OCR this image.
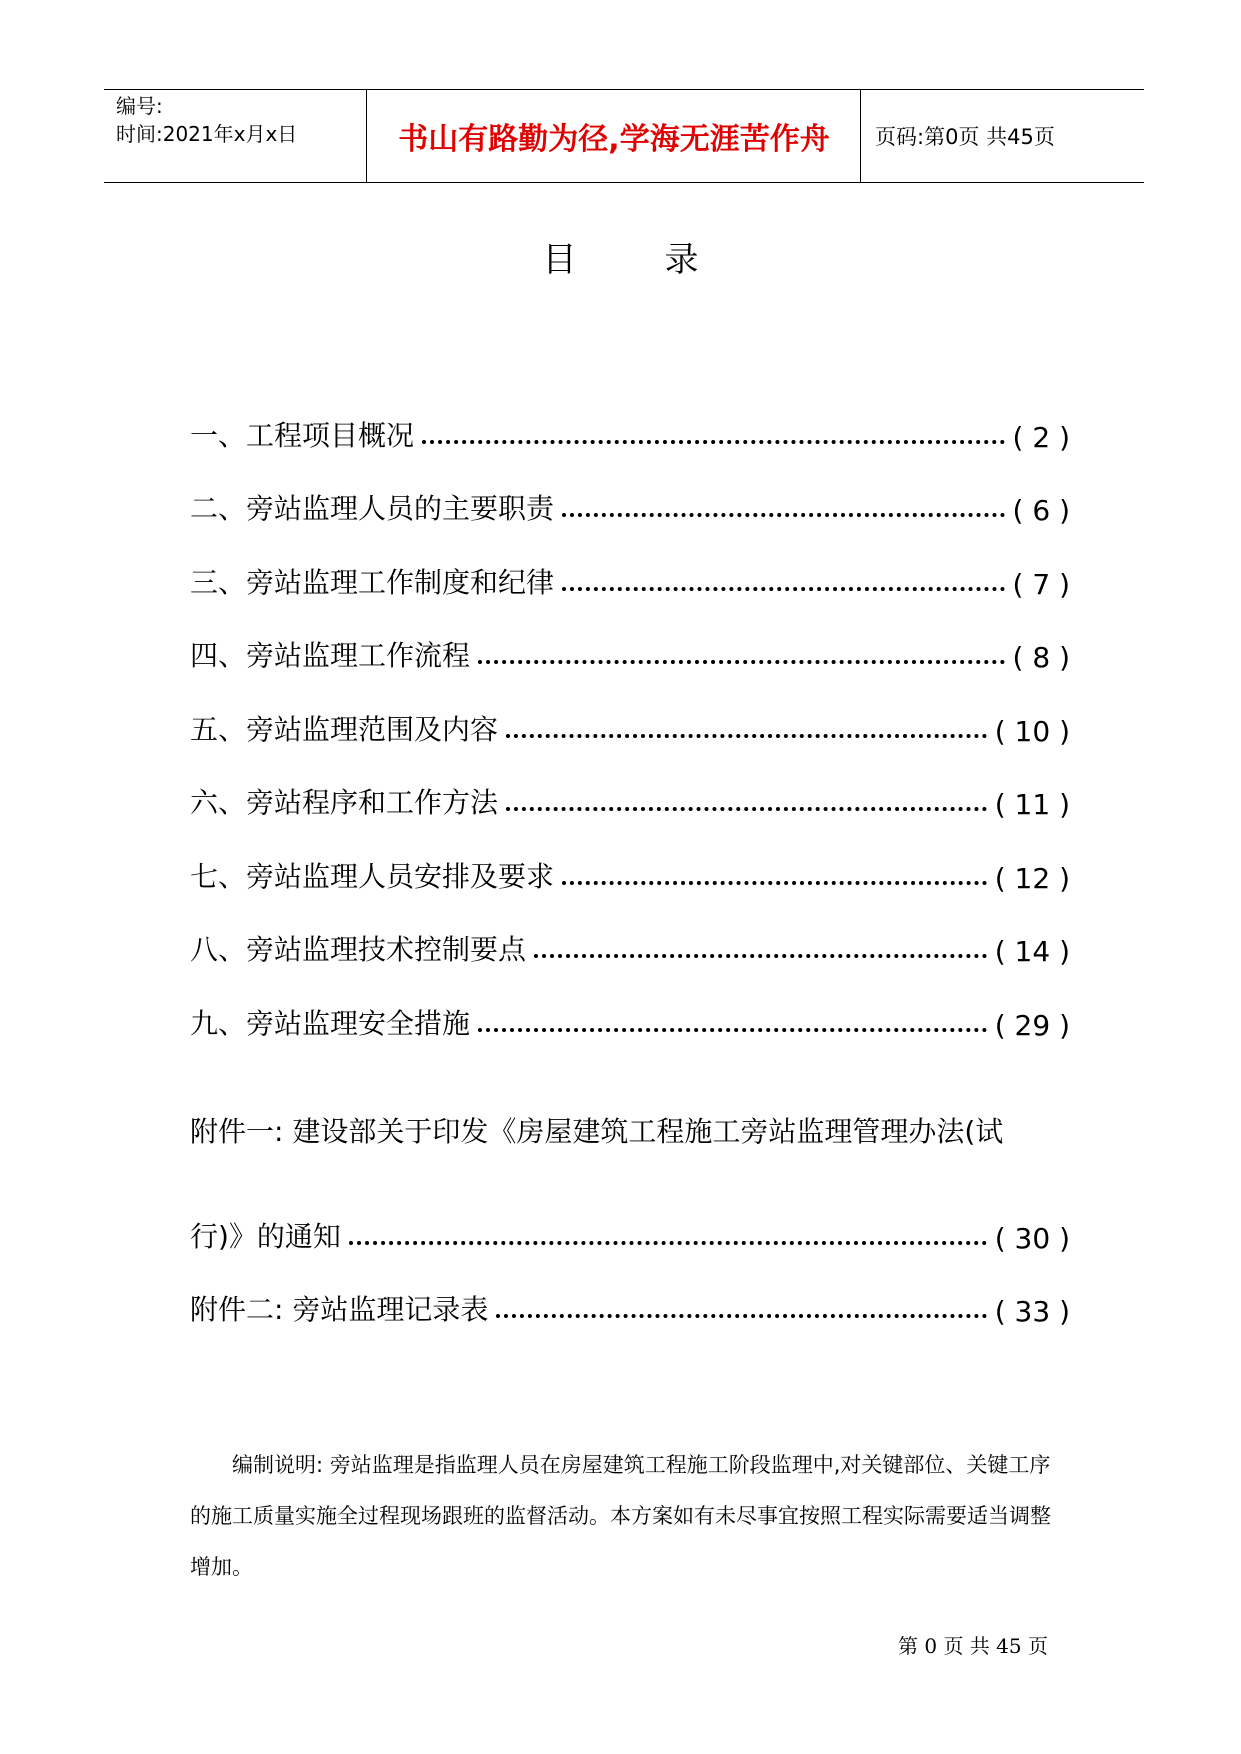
编号:
时间:2021年x月x日	书山有路勤为径,学海无涯苦作舟	页码:第0页 共45页
目录
一、工程项目概况	( 2 )
二、旁站监理人员的主要职责	( 6 )
三、旁站监理工作制度和纪律	( 7 )
四、旁站监理工作流程	( 8 )
五、旁站监理范围及内容	( 10 )
六、旁站程序和工作方法	( 11 )
七、旁站监理人员安排及要求	( 12 )
八、旁站监理技术控制要点	( 14 )
九、旁站监理安全措施	( 29 )
附件一: 建设部关于印发《房屋建筑工程施工旁站监理管理办法(试
行)》的通知	( 30 )
附件二: 旁站监理记录表	( 33 )
编制说明: 旁站监理是指监理人员在房屋建筑工程施工阶段监理中,对关键部位、关键工序的施工质量实施全过程现场跟班的监督活动。本方案如有未尽事宜按照工程实际需要适当调整增加。
第 0 页 共 45 页
